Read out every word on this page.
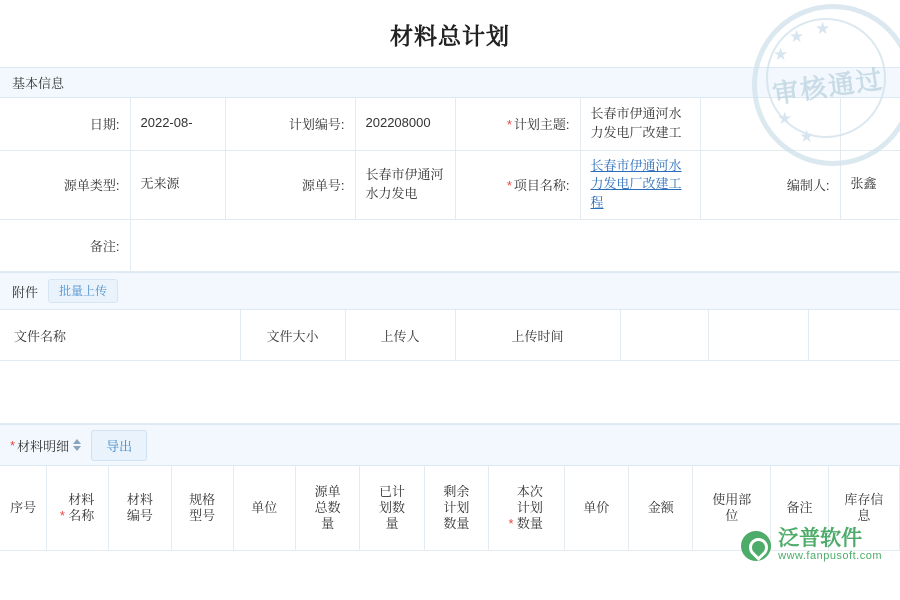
★
★ ★
★
★
审核通过
材料总计划
基本信息
日期:	2022-08-	计划编号:	202208000	* 计划主题:	长春市伊通河水力发电厂改建工		
源单类型:	无来源	源单号:	长春市伊通河水力发电	* 项目名称:	长春市伊通河水力发电厂改建工程	编制人:	张鑫
备注:							
附件	批量上传
文件名称	文件大小	上传人	上传时间			
* 材料明细	导出
序号	*材料名称	材料编号	规格型号	单位	源单总数量	已计划数量	剩余计划数量	*本次计划数量	单价	金额	使用部位	备注	库存信息
泛普软件
www.fanpusoft.com
